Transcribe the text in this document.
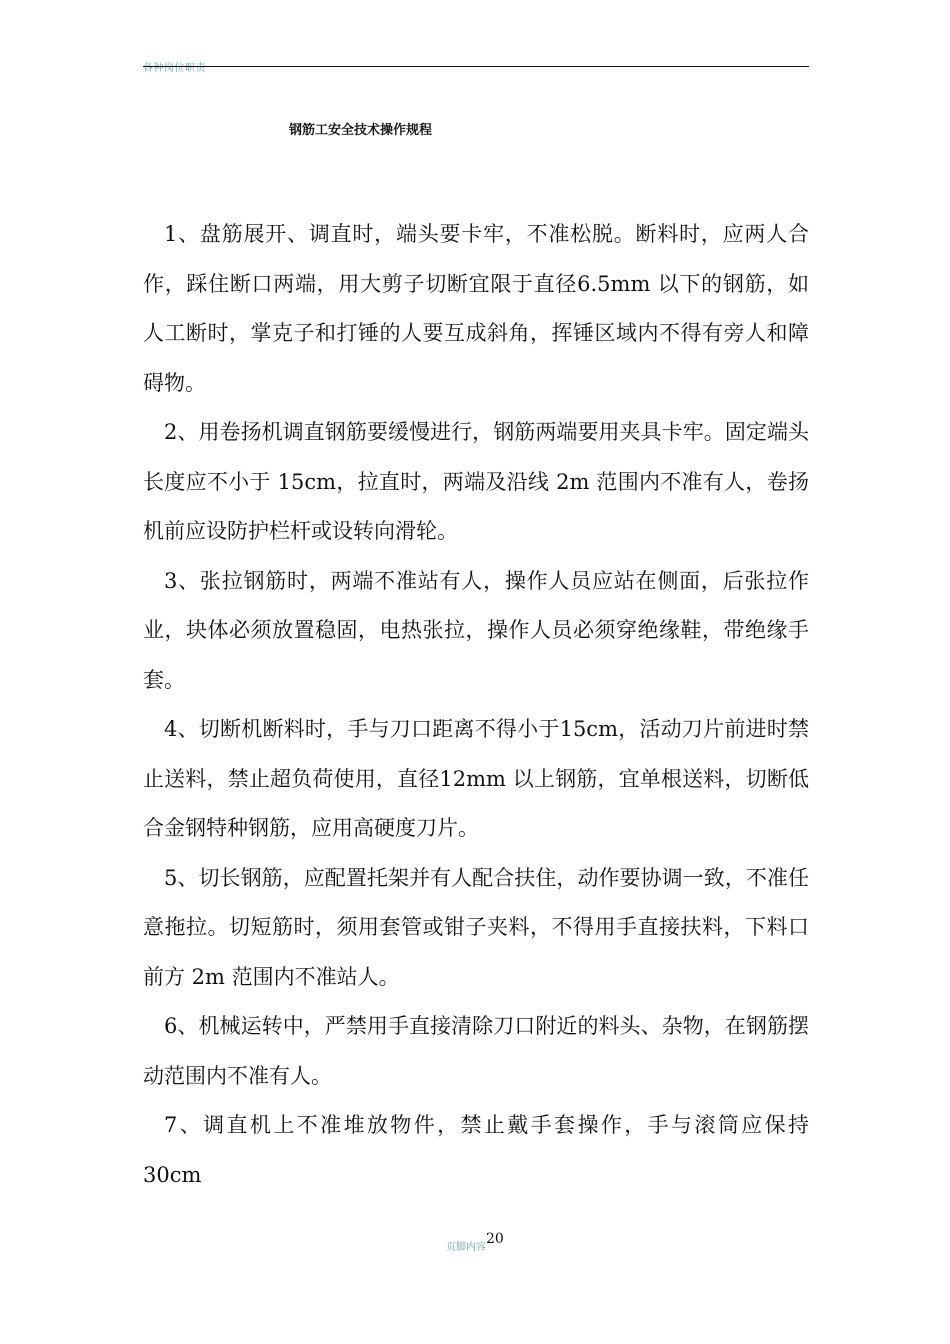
各种岗位职责
钢筋工安全技术操作规程

1、盘筋展开、调直时，端头要卡牢，不准松脱。断料时，应两人合作，踩住断口两端，用大剪子切断宜限于直径6.5mm 以下的钢筋，如人工断时，掌克子和打锤的人要互成斜角，挥锤区域内不得有旁人和障碍物。

2、用卷扬机调直钢筋要缓慢进行，钢筋两端要用夹具卡牢。固定端头长度应不小于 15cm，拉直时，两端及沿线 2m 范围内不准有人，卷扬机前应设防护栏杆或设转向滑轮。

3、张拉钢筋时，两端不准站有人，操作人员应站在侧面，后张拉作业，块体必须放置稳固，电热张拉，操作人员必须穿绝缘鞋，带绝缘手套。

4、切断机断料时，手与刀口距离不得小于15cm，活动刀片前进时禁止送料，禁止超负荷使用，直径12mm 以上钢筋，宜单根送料，切断低合金钢特种钢筋，应用高硬度刀片。

5、切长钢筋，应配置托架并有人配合扶住，动作要协调一致，不准任意拖拉。切短筋时，须用套管或钳子夹料，不得用手直接扶料，下料口前方 2m 范围内不准站人。

6、机械运转中，严禁用手直接清除刀口附近的料头、杂物，在钢筋摆动范围内不准有人。

7、调直机上不准堆放物件，禁止戴手套操作，手与滚筒应保持 30cm

页脚内容20
